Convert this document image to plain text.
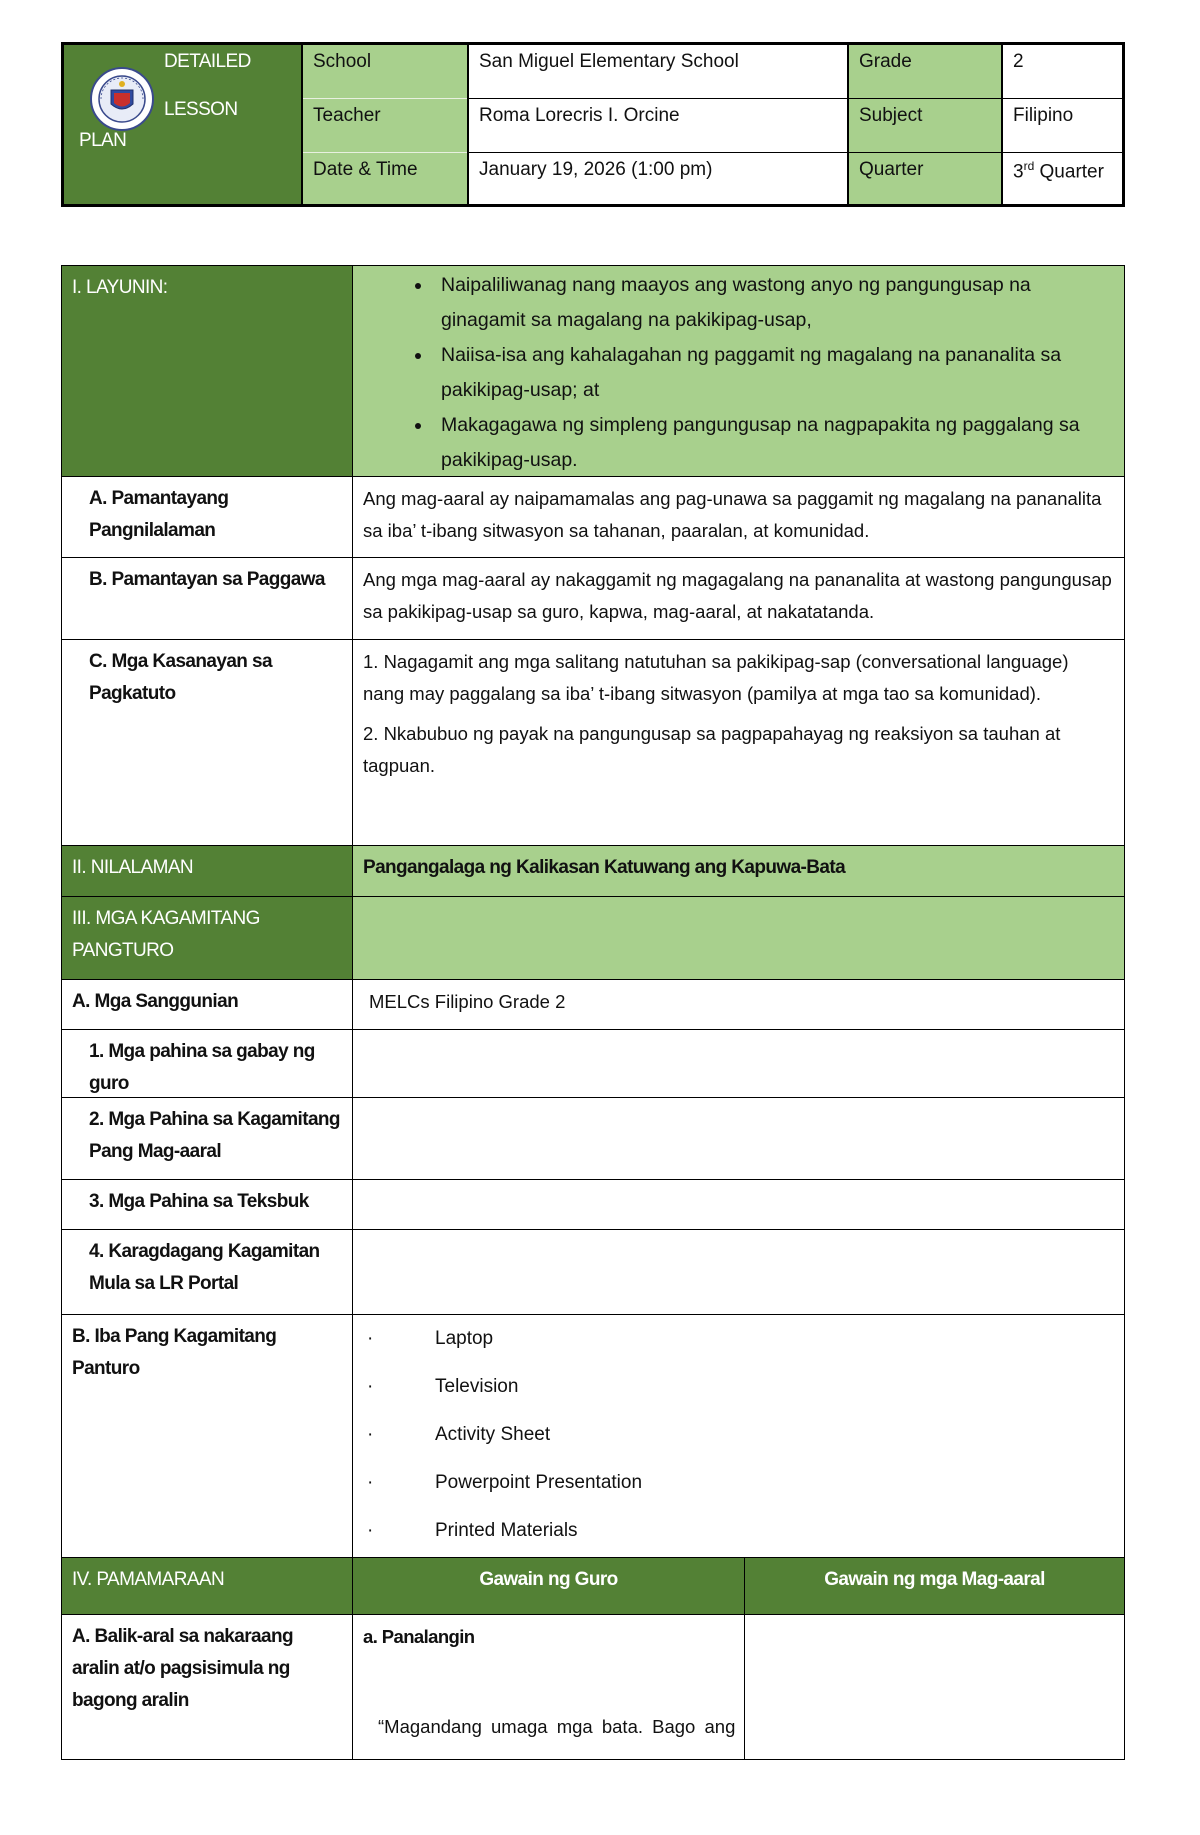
DETAILED
LESSON
PLAN
School
Teacher
Date & Time
San Miguel Elementary School
Roma Lorecris I. Orcine
January 19, 2026 (1:00 pm)
Grade
Subject
Quarter
2
Filipino
3rd Quarter
I. LAYUNIN:
•	Naipaliliwanag nang maayos ang wastong anyo ng pangungusap na ginagamit sa magalang na pakikipag-usap,
• Naiisa-isa ang kahalagahan ng paggamit ng magalang na pananalita sa pakikipag-usap; at
• Makagagawa ng simpleng pangungusap na nagpapakita ng paggalang sa pakikipag-usap.
A. Pamantayang Pangnilalaman
Ang mag-aaral ay naipamamalas ang pag-unawa sa paggamit ng magalang na pananalita sa iba’ t-ibang sitwasyon sa tahanan, paaralan, at komunidad.
B. Pamantayan sa Paggawa	Ang mga mag-aaral ay nakaggamit ng magagalang na pananalita at wastong pangungusap sa pakikipag-usap sa guro, kapwa, mag-aaral, at nakatatanda.
C. Mga Kasanayan sa Pagkatuto
1. Nagagamit ang mga salitang natutuhan sa pakikipag-sap (conversational language) nang may paggalang sa iba’ t-ibang sitwasyon (pamilya at mga tao sa komunidad).
2. Nkabubuo ng payak na pangungusap sa pagpapahayag ng reaksiyon sa tauhan at tagpuan.
II. NILALAMAN	Pangangalaga ng Kalikasan Katuwang ang Kapuwa-Bata
III. MGA KAGAMITANG PANGTURO
A. Mga Sanggunian	MELCs Filipino Grade 2
1. Mga pahina sa gabay ng guro
2. Mga Pahina sa Kagamitang Pang Mag-aaral
3. Mga Pahina sa Teksbuk
4. Karagdagang Kagamitan Mula sa LR Portal
B. Iba Pang Kagamitang Panturo
·	Laptop
·	Television
·	Activity Sheet
·	Powerpoint Presentation
·	Printed Materials
IV. PAMAMARAAN	Gawain ng Guro	Gawain ng mga Mag-aaral
A. Balik-aral sa nakaraang aralin at/o pagsisimula ng bagong aralin
a. Panalangin
“Magandang umaga mga bata. Bago ang
